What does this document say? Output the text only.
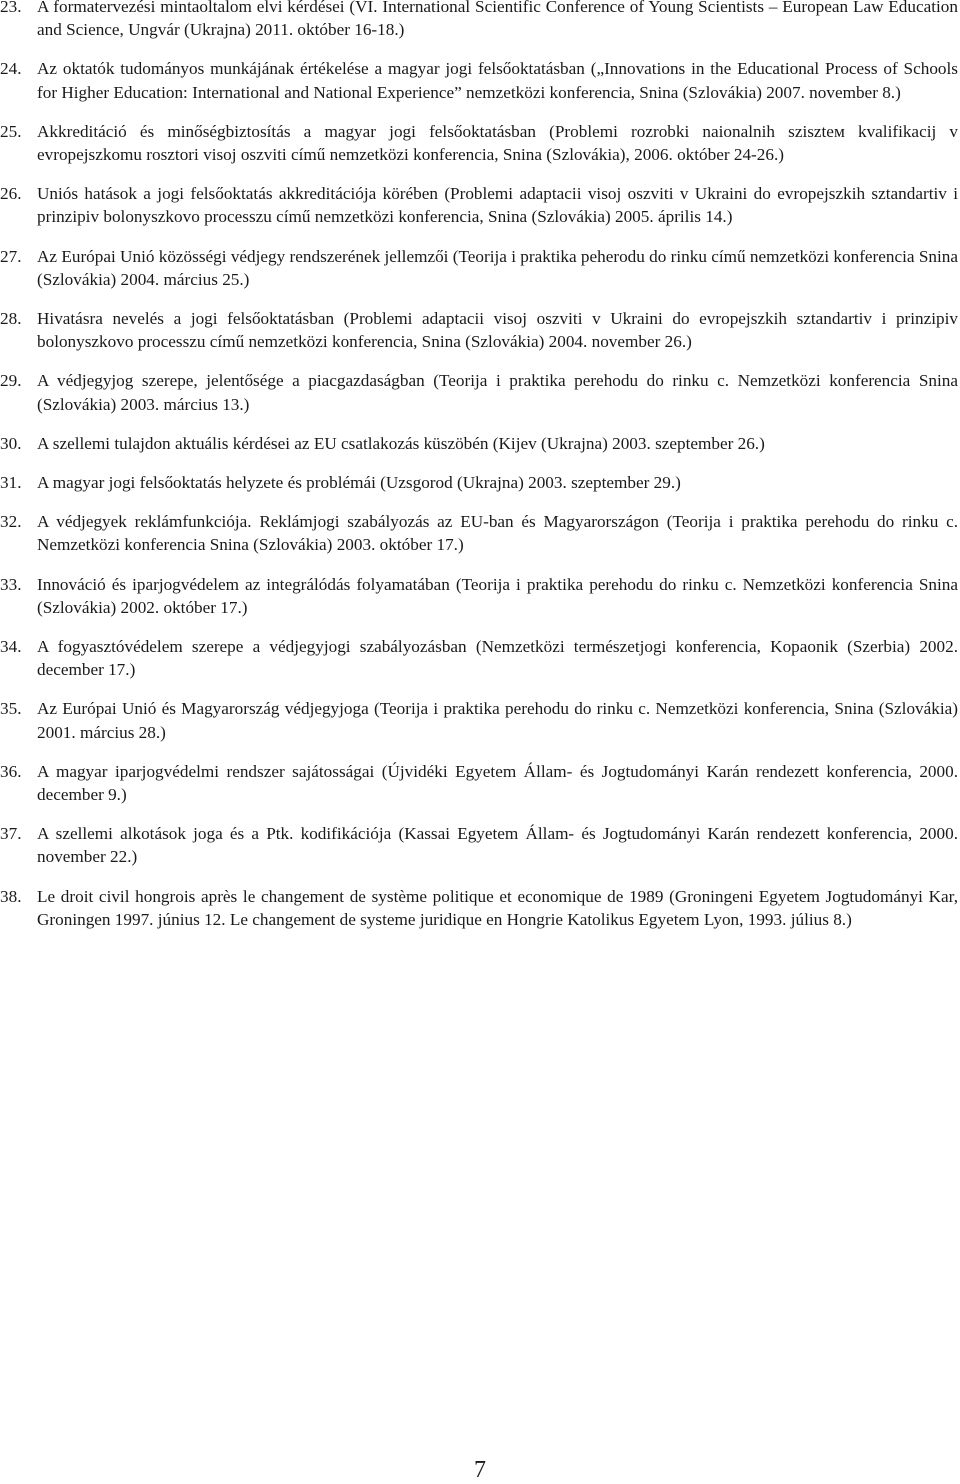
23. A formatervezési mintaoltalom elvi kérdései (VI. International Scientific Conference of Young Scientists – European Law Education and Science, Ungvár (Ukrajna) 2011. október 16-18.)
24. Az oktatók tudományos munkájának értékelése a magyar jogi felsőoktatásban („Innovations in the Educational Process of Schools for Higher Education: International and National Experience” nemzetközi konferencia, Snina (Szlovákia) 2007. november 8.)
25. Akkreditáció és minőségbiztosítás a magyar jogi felsőoktatásban (Problemi rozrobki naionalnih sziszteм kvalifikacij v evropejszkomu rosztori visoj oszviti című nemzetközi konferencia, Snina (Szlovákia), 2006. október 24-26.)
26. Uniós hatások a jogi felsőoktatás akkreditációja körében (Problemi adaptacii visoj oszviti v Ukraini do evropejszkih sztandartiv i prinzipiv bolonyszkovo processzu című nemzetközi konferencia, Snina (Szlovákia) 2005. április 14.)
27. Az Európai Unió közösségi védjegy rendszerének jellemzői (Teorija i praktika peherodu do rinku című nemzetközi konferencia Snina (Szlovákia) 2004. március 25.)
28. Hivatásra nevelés a jogi felsőoktatásban (Problemi adaptacii visoj oszviti v Ukraini do evropejszkih sztandartiv i prinzipiv bolonyszkovo processzu című nemzetközi konferencia, Snina (Szlovákia) 2004. november 26.)
29. A védjegyjog szerepe, jelentősége a piacgazdaságban (Teorija i praktika perehodu do rinku c. Nemzetközi konferencia Snina (Szlovákia) 2003. március 13.)
30. A szellemi tulajdon aktuális kérdései az EU csatlakozás küszöbén (Kijev (Ukrajna) 2003. szeptember 26.)
31. A magyar jogi felsőoktatás helyzete és problémái (Uzsgorod (Ukrajna) 2003. szeptember 29.)
32. A védjegyek reklámfunkciója. Reklámjogi szabályozás az EU-ban és Magyarországon (Teorija i praktika perehodu do rinku c. Nemzetközi konferencia Snina (Szlovákia) 2003. október 17.)
33. Innováció és iparjogvédelem az integrálódás folyamatában (Teorija i praktika perehodu do rinku c. Nemzetközi konferencia Snina (Szlovákia) 2002. október 17.)
34. A fogyasztóvédelem szerepe a védjegyjogi szabályozásban (Nemzetközi természetjogi konferencia, Kopaonik (Szerbia) 2002. december 17.)
35. Az Európai Unió és Magyarország védjegyjoga (Teorija i praktika perehodu do rinku c. Nemzetközi konferencia, Snina (Szlovákia) 2001. március 28.)
36. A magyar iparjogvédelmi rendszer sajátosságai (Újvidéki Egyetem Állam- és Jogtudományi Karán rendezett konferencia, 2000. december 9.)
37. A szellemi alkotások joga és a Ptk. kodifikációja (Kassai Egyetem Állam- és Jogtudományi Karán rendezett konferencia, 2000. november 22.)
38. Le droit civil hongrois après le changement de système politique et economique de 1989 (Groningeni Egyetem Jogtudományi Kar, Groningen 1997. június 12. Le changement de systeme juridique en Hongrie Katolikus Egyetem Lyon, 1993. július 8.)
7
